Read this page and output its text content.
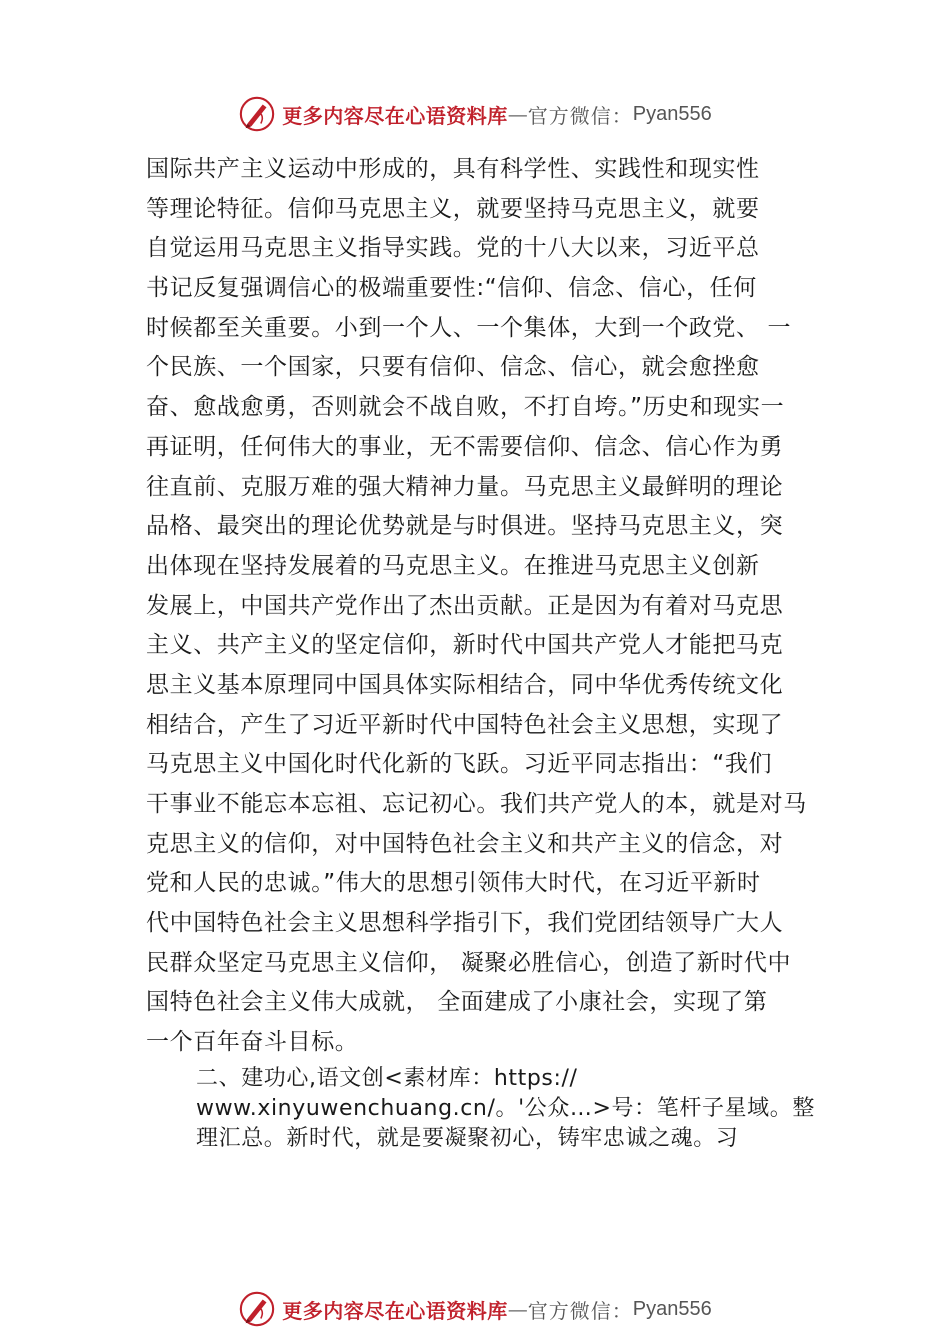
更多内容尽在心语资料库 — 官方微信： Pyan556
国际共产主义运动中形成的，具有科学性、实践性和现实性
等理论特征。信仰马克思主义，就要坚持马克思主义，就要
自觉运用马克思主义指导实践。党的十八大以来，习近平总
书记反复强调信心的极端重要性:“信仰、信念、信心，任何
时候都至关重要。小到一个人、一个集体，大到一个政党、 一
个民族、一个国家，只要有信仰、信念、信心，就会愈挫愈
奋、愈战愈勇，否则就会不战自败，不打自垮。”历史和现实一
再证明，任何伟大的事业，无不需要信仰、信念、信心作为勇
往直前、克服万难的强大精神力量。马克思主义最鲜明的理论
品格、最突出的理论优势就是与时俱进。坚持马克思主义，突
出体现在坚持发展着的马克思主义。在推进马克思主义创新
发展上，中国共产党作出了杰出贡献。正是因为有着对马克思
主义、共产主义的坚定信仰，新时代中国共产党人才能把马克
思主义基本原理同中国具体实际相结合，同中华优秀传统文化
相结合，产生了习近平新时代中国特色社会主义思想，实现了
马克思主义中国化时代化新的飞跃。习近平同志指出：“我们
干事业不能忘本忘祖、忘记初心。我们共产党人的本，就是对马
克思主义的信仰，对中国特色社会主义和共产主义的信念，对
党和人民的忠诚。”伟大的思想引领伟大时代，在习近平新时
代中国特色社会主义思想科学指引下，我们党团结领导广大人
民群众坚定马克思主义信仰， 凝聚必胜信心，创造了新时代中
国特色社会主义伟大成就， 全面建成了小康社会，实现了第
一个百年奋斗目标。
二、建功心,语文创<素材库：https://
www.xinyuwenchuang.cn/。'公众…>号：笔杆子星域。整
理汇总。新时代，就是要凝聚初心，铸牢忠诚之魂。习
更多内容尽在心语资料库 — 官方微信： Pyan556
